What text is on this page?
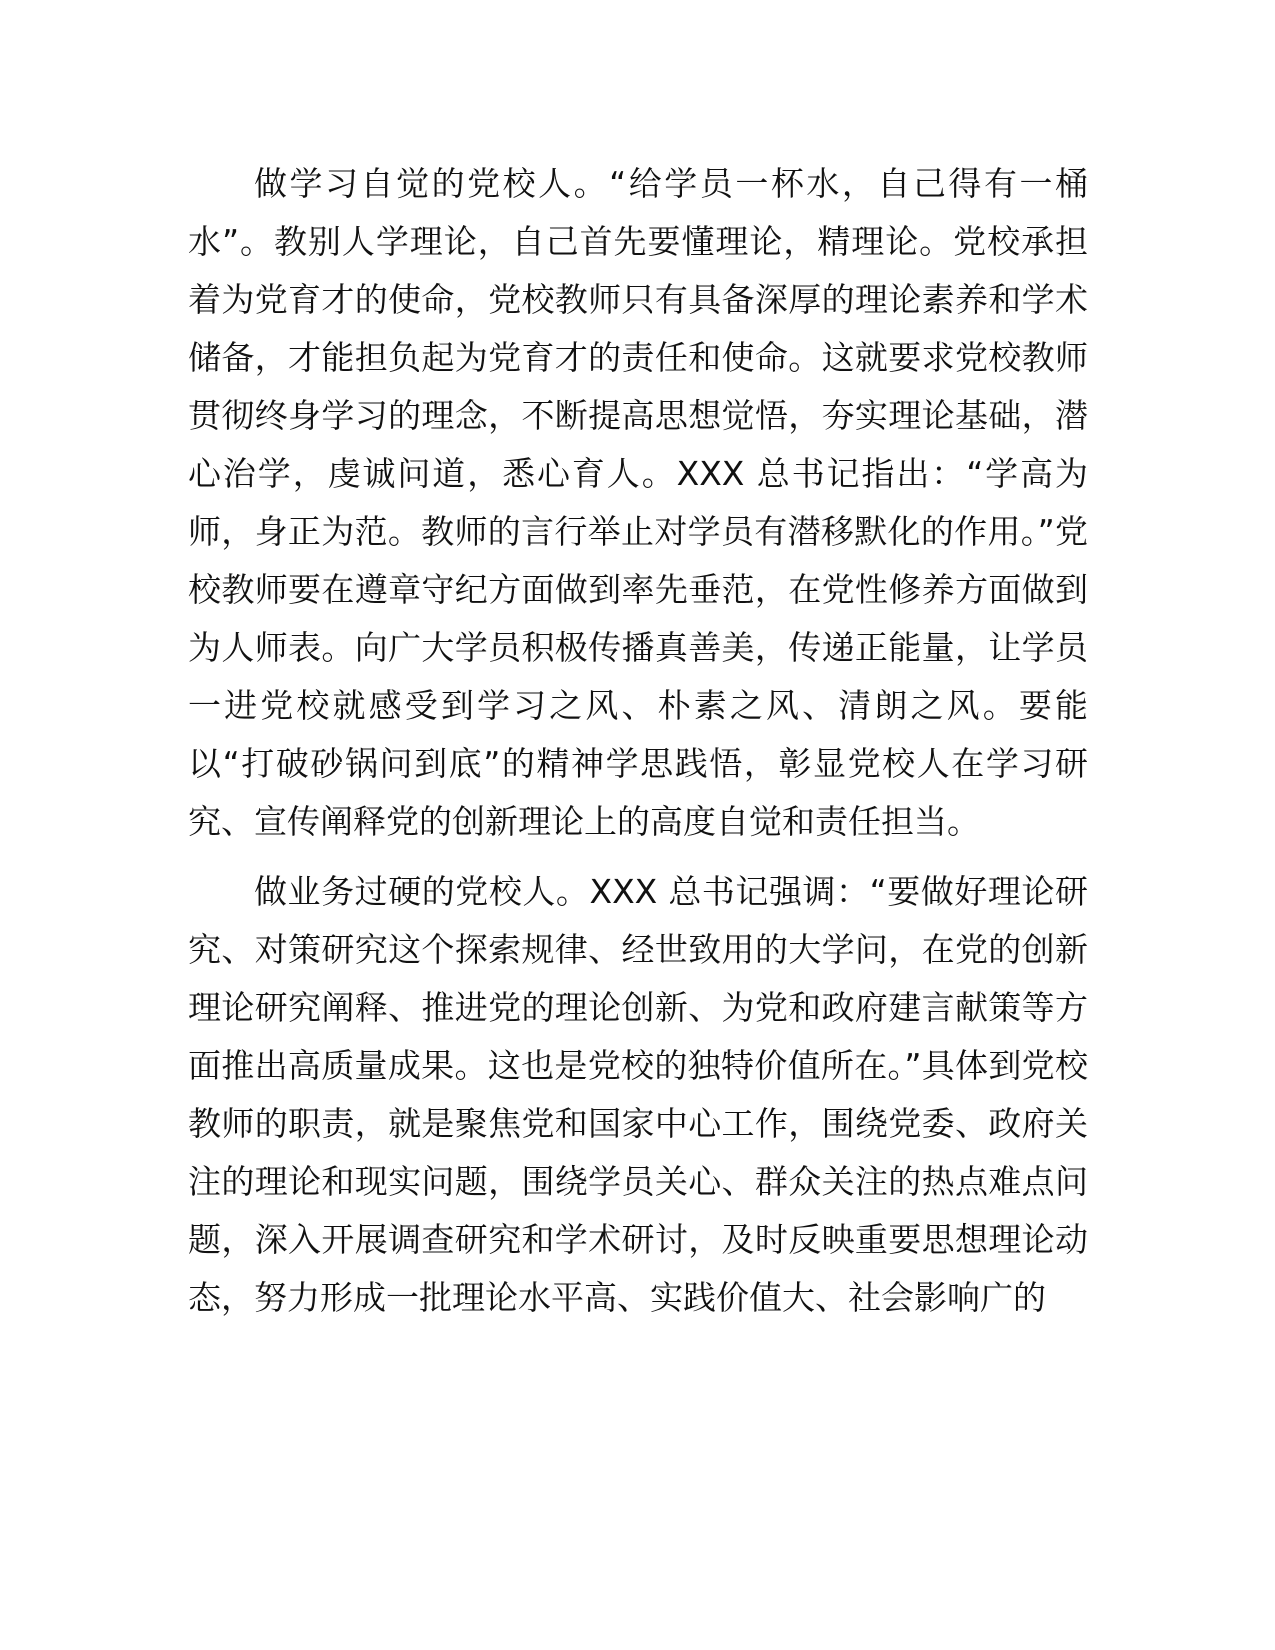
做学习自觉的党校人。“给学员一杯水，自己得有一桶水”。教别人学理论，自己首先要懂理论，精理论。党校承担着为党育才的使命，党校教师只有具备深厚的理论素养和学术储备，才能担负起为党育才的责任和使命。这就要求党校教师贯彻终身学习的理念，不断提高思想觉悟，夯实理论基础，潜心治学，虔诚问道，悉心育人。XXX 总书记指出：“学高为师，身正为范。教师的言行举止对学员有潜移默化的作用。”党校教师要在遵章守纪方面做到率先垂范，在党性修养方面做到为人师表。向广大学员积极传播真善美，传递正能量，让学员一进党校就感受到学习之风、朴素之风、清朗之风。要能以“打破砂锅问到底”的精神学思践悟，彰显党校人在学习研究、宣传阐释党的创新理论上的高度自觉和责任担当。

做业务过硬的党校人。XXX 总书记强调：“要做好理论研究、对策研究这个探索规律、经世致用的大学问，在党的创新理论研究阐释、推进党的理论创新、为党和政府建言献策等方面推出高质量成果。这也是党校的独特价值所在。”具体到党校教师的职责，就是聚焦党和国家中心工作，围绕党委、政府关注的理论和现实问题，围绕学员关心、群众关注的热点难点问题，深入开展调查研究和学术研讨，及时反映重要思想理论动态，努力形成一批理论水平高、实践价值大、社会影响广的
